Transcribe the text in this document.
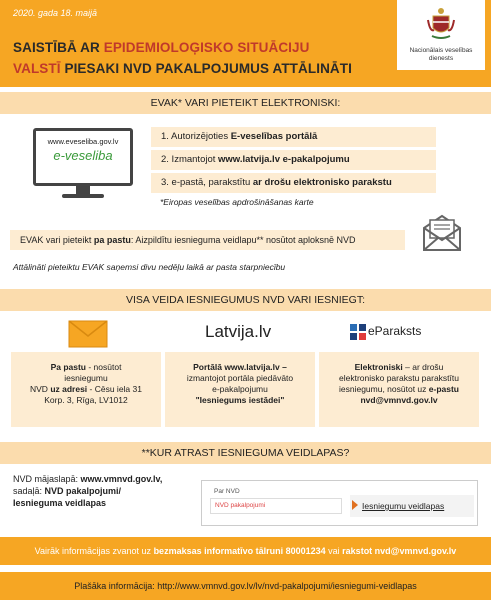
2020. gada 18. maijā
SAISTĪBĀ AR EPIDEMIOLOĢISKO SITUĀCIJU
VALSTĪ PIESAKI NVD PAKALPOJUMUS ATTĀLINĀTI
Nacionālais veselības
dienests
EVAK* VARI PIETEIKT ELEKTRONISKI:
www.eveseliba.gov.lv
e-veseliba
1. Autorizējoties E-veselības portālā
2. Izmantojot www.latvija.lv e-pakalpojumu
3. e-pastā, parakstītu ar drošu elektronisko parakstu
*Eiropas veselības apdrošināšanas karte
EVAK vari pieteikt pa pastu: Aizpildītu iesnieguma veidlapu** nosūtot aploksnē NVD
Attālināti pieteiktu EVAK saņemsi divu nedēļu laikā ar pasta starpniecību
VISA VEIDA IESNIEGUMUS NVD VARI IESNIEGT:
Latvija.lv	eParaksts
Pa pastu - nosūtot
iesniegumu
NVD uz adresi - Cēsu iela 31
Korp. 3, Rīga, LV1012
Portālā www.latvija.lv –
izmantojot portāla piedāvāto
e-pakalpojumu
"Iesniegums iestādei"
Elektroniski – ar drošu
elektronisko parakstu parakstītu
iesniegumu, nosūtot uz e-pastu
nvd@vmnvd.gov.lv
**KUR ATRAST IESNIEGUMA VEIDLAPAS?
NVD mājaslapā: www.vmnvd.gov.lv,
sadaļā: NVD pakalpojumi/
Iesnieguma veidlapas
Par NVD
NVD pakalpojumi	Iesniegumu veidlapas
Vairāk informācijas zvanot uz bezmaksas informatīvo tālruni 80001234 vai rakstot nvd@vmnvd.gov.lv
Plašāka informācija: http://www.vmnvd.gov.lv/lv/nvd-pakalpojumi/iesniegumi-veidlapas
